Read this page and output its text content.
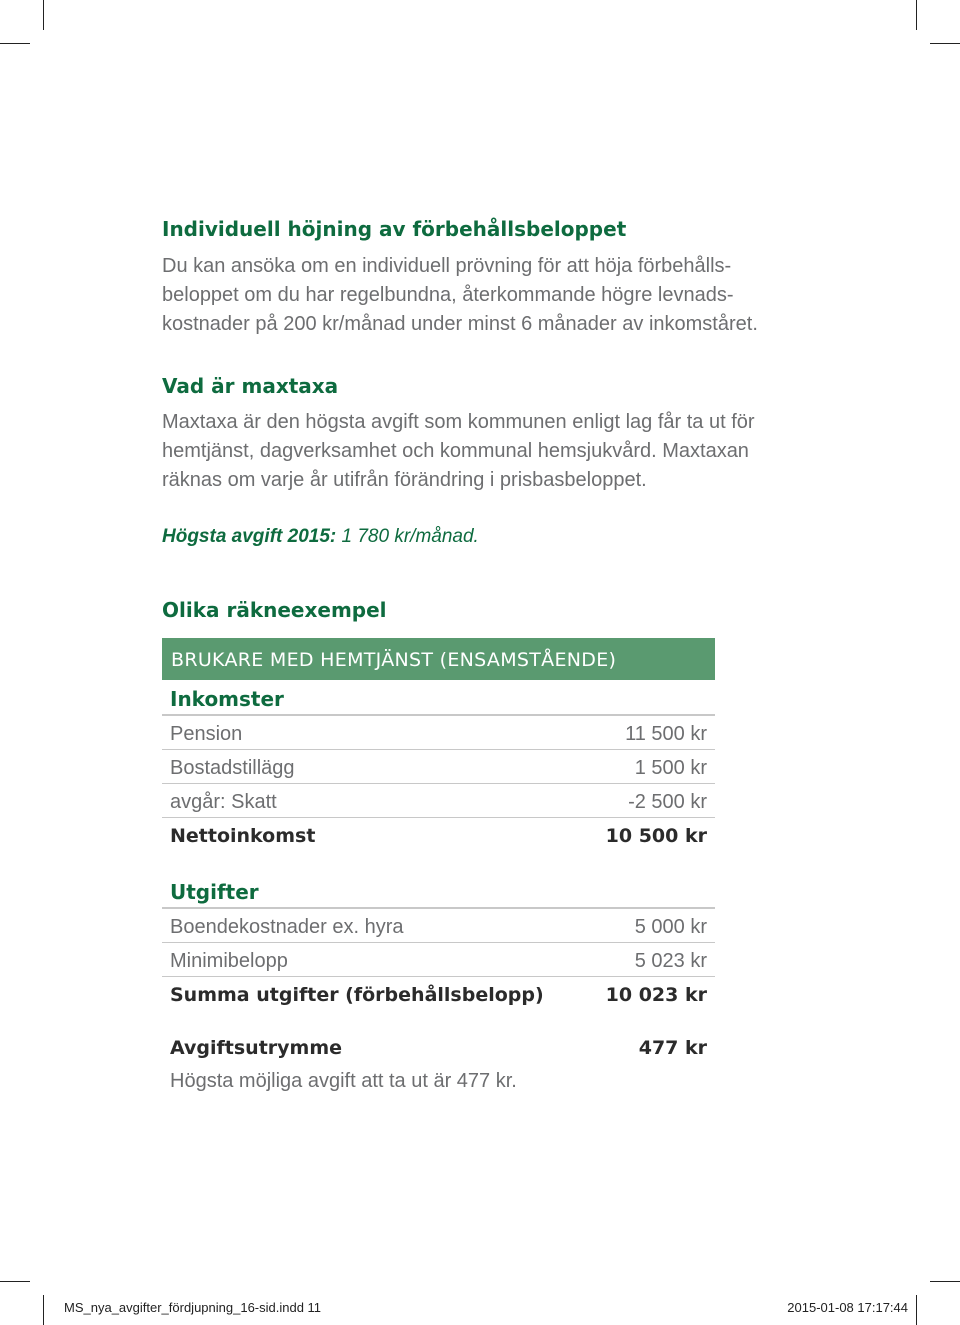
Individuell höjning av förbehållsbeloppet

Du kan ansöka om en individuell prövning för att höja förbehålls-
beloppet om du har regelbundna, återkommande högre levnads-
kostnader på 200 kr/månad under minst 6 månader av inkomståret.

Vad är maxtaxa

Maxtaxa är den högsta avgift som kommunen enligt lag får ta ut för
hemtjänst, dagverksamhet och kommunal hemsjukvård. Maxtaxan
räknas om varje år utifrån förändring i prisbasbeloppet.

Högsta avgift 2015: 1 780 kr/månad.

Olika räkneexempel
BRUKARE MED HEMTJÄNST (ENSAMSTÅENDE)
Inkomster
Pension	11 500 kr
Bostadstillägg	1 500 kr
avgår: Skatt	-2 500 kr
Nettoinkomst	10 500 kr
Utgifter
Boendekostnader ex. hyra	5 000 kr
Minimibelopp	5 023 kr
Summa utgifter (förbehållsbelopp)	10 023 kr
Avgiftsutrymme	477 kr
Högsta möjliga avgift att ta ut är 477 kr.
MS_nya_avgifter_fördjupning_16-sid.indd 11	2015-01-08 17:17:44
